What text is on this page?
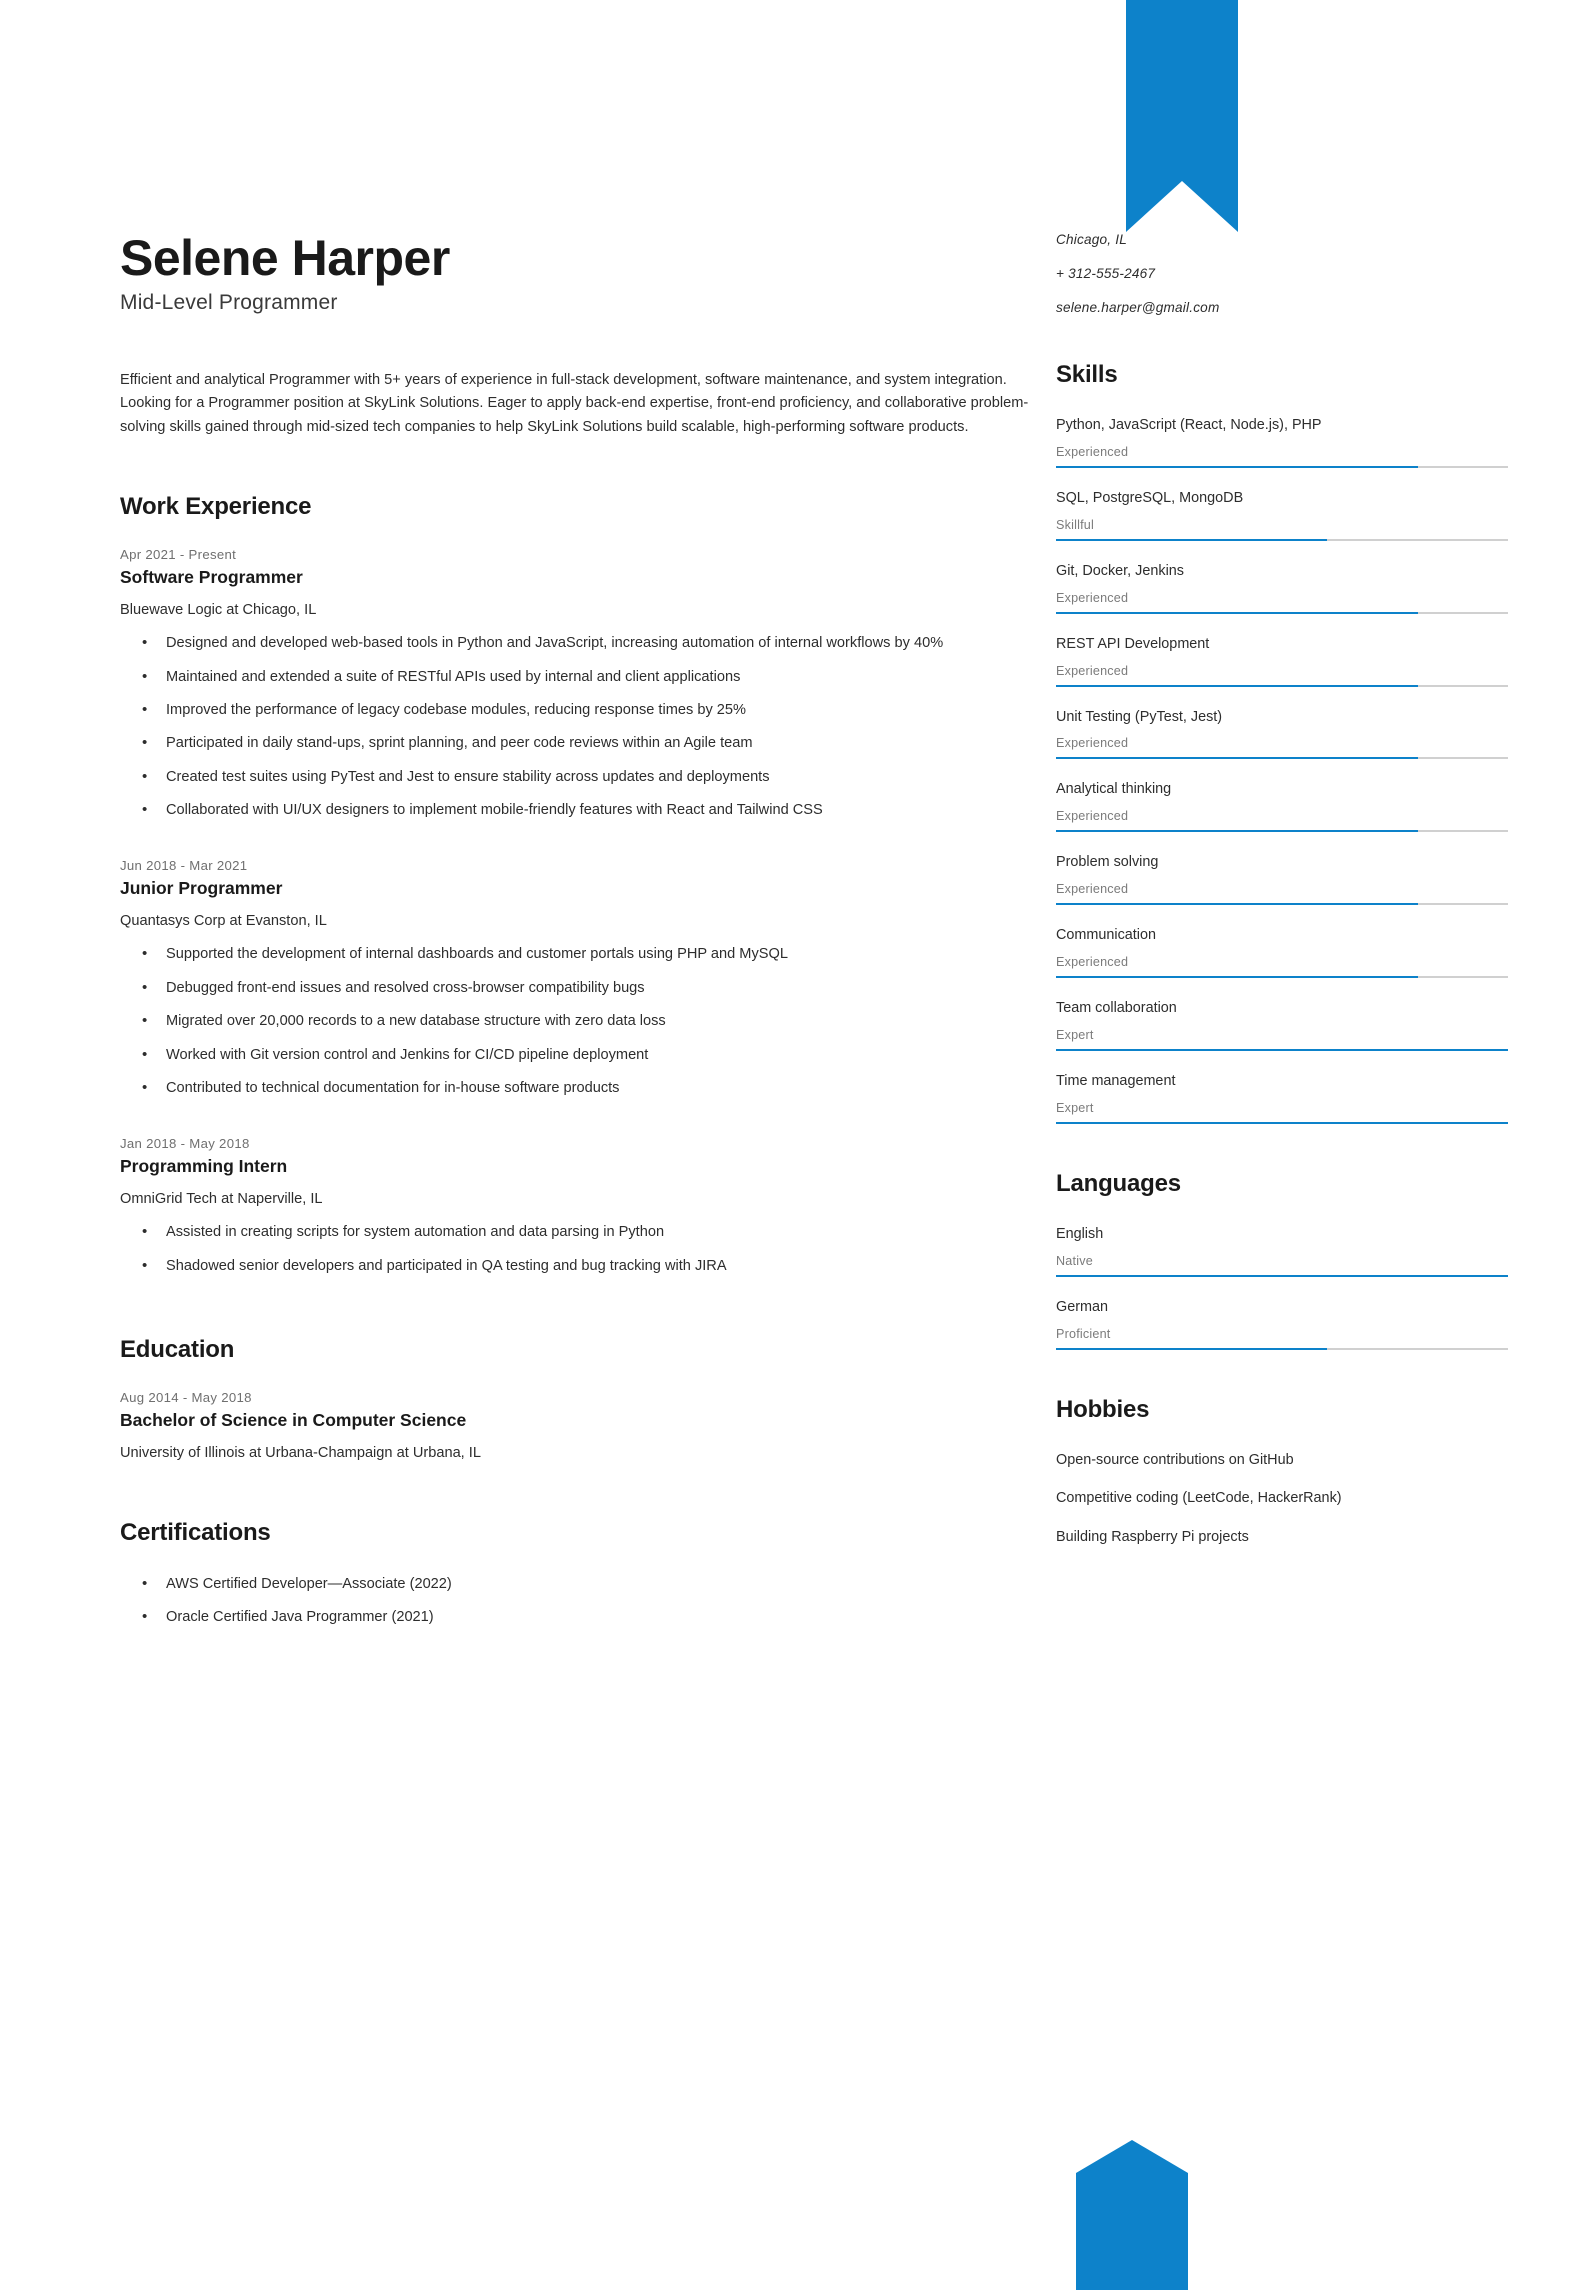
Selene Harper
Mid-Level Programmer
Efficient and analytical Programmer with 5+ years of experience in full-stack development, software maintenance, and system integration. Looking for a Programmer position at SkyLink Solutions. Eager to apply back-end expertise, front-end proficiency, and collaborative problem-solving skills gained through mid-sized tech companies to help SkyLink Solutions build scalable, high-performing software products.
Work Experience
Apr 2021 - Present
Software Programmer
Bluewave Logic at Chicago, IL
• Designed and developed web-based tools in Python and JavaScript, increasing automation of internal workflows by 40%
• Maintained and extended a suite of RESTful APIs used by internal and client applications
• Improved the performance of legacy codebase modules, reducing response times by 25%
• Participated in daily stand-ups, sprint planning, and peer code reviews within an Agile team
• Created test suites using PyTest and Jest to ensure stability across updates and deployments
• Collaborated with UI/UX designers to implement mobile-friendly features with React and Tailwind CSS
Jun 2018 - Mar 2021
Junior Programmer
Quantasys Corp at Evanston, IL
• Supported the development of internal dashboards and customer portals using PHP and MySQL
• Debugged front-end issues and resolved cross-browser compatibility bugs
• Migrated over 20,000 records to a new database structure with zero data loss
• Worked with Git version control and Jenkins for CI/CD pipeline deployment
• Contributed to technical documentation for in-house software products
Jan 2018 - May 2018
Programming Intern
OmniGrid Tech at Naperville, IL
• Assisted in creating scripts for system automation and data parsing in Python
• Shadowed senior developers and participated in QA testing and bug tracking with JIRA
Education
Aug 2014 - May 2018
Bachelor of Science in Computer Science
University of Illinois at Urbana-Champaign at Urbana, IL
Certifications
• AWS Certified Developer—Associate (2022)
• Oracle Certified Java Programmer (2021)
Chicago, IL
+ 312-555-2467
selene.harper@gmail.com
Skills
Python, JavaScript (React, Node.js), PHP
Experienced
SQL, PostgreSQL, MongoDB
Skillful
Git, Docker, Jenkins
Experienced
REST API Development
Experienced
Unit Testing (PyTest, Jest)
Experienced
Analytical thinking
Experienced
Problem solving
Experienced
Communication
Experienced
Team collaboration
Expert
Time management
Expert
Languages
English
Native
German
Proficient
Hobbies
Open-source contributions on GitHub
Competitive coding (LeetCode, HackerRank)
Building Raspberry Pi projects
